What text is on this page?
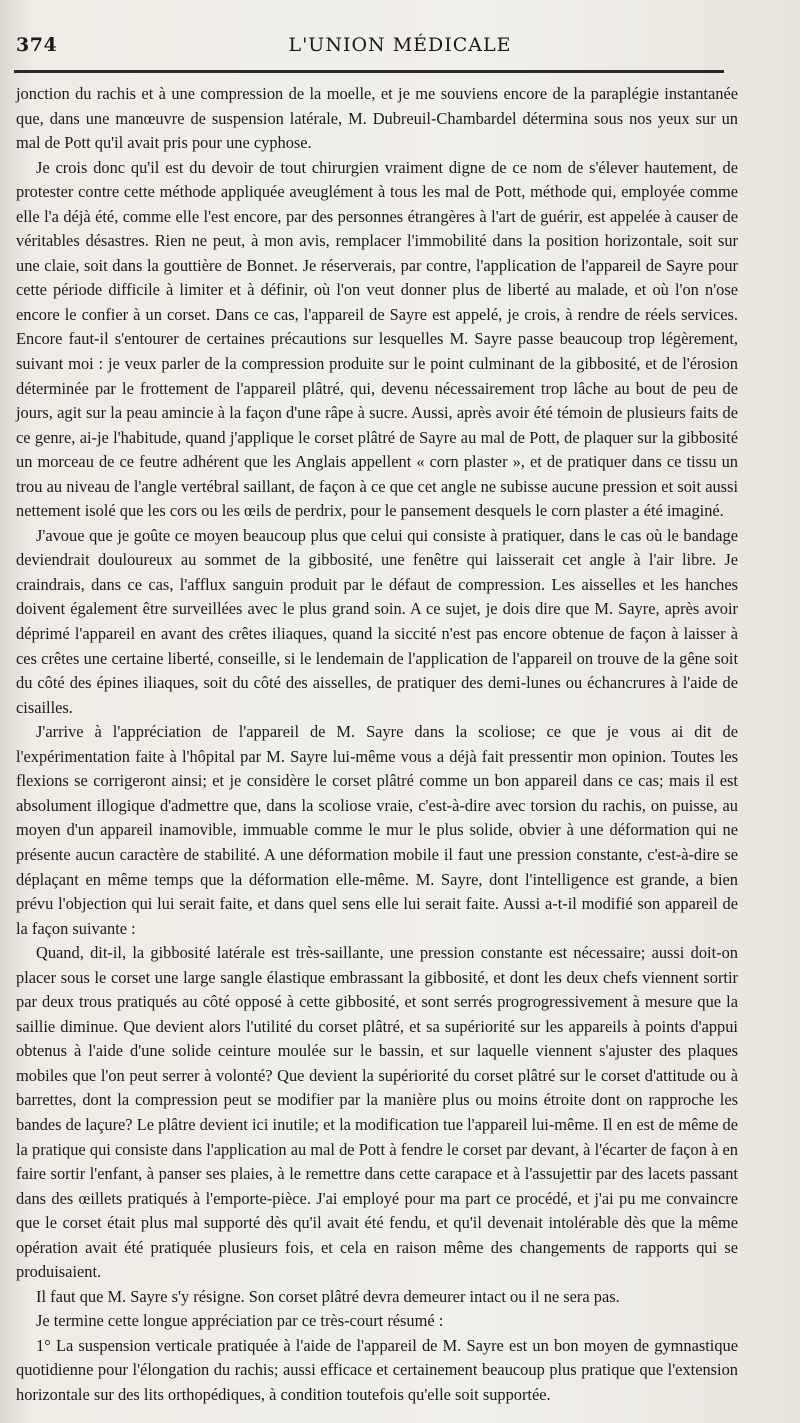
374	L'UNION MÉDICALE

jonction du rachis et à une compression de la moelle, et je me souviens encore de la paraplégie instantanée que, dans une manœuvre de suspension latérale, M. Dubreuil-Chambardel détermina sous nos yeux sur un mal de Pott qu'il avait pris pour une cyphose.

Je crois donc qu'il est du devoir de tout chirurgien vraiment digne de ce nom de s'élever hautement, de protester contre cette méthode appliquée aveuglément à tous les mal de Pott, méthode qui, employée comme elle l'a déjà été, comme elle l'est encore, par des personnes étrangères à l'art de guérir, est appelée à causer de véritables désastres. Rien ne peut, à mon avis, remplacer l'immobilité dans la position horizontale, soit sur une claie, soit dans la gouttière de Bonnet. Je réserverais, par contre, l'application de l'appareil de Sayre pour cette période difficile à limiter et à définir, où l'on veut donner plus de liberté au malade, et où l'on n'ose encore le confier à un corset. Dans ce cas, l'appareil de Sayre est appelé, je crois, à rendre de réels services. Encore faut-il s'entourer de certaines précautions sur lesquelles M. Sayre passe beaucoup trop légèrement, suivant moi : je veux parler de la compression produite sur le point culminant de la gibbosité, et de l'érosion déterminée par le frottement de l'appareil plâtré, qui, devenu nécessairement trop lâche au bout de peu de jours, agit sur la peau amincie à la façon d'une râpe à sucre. Aussi, après avoir été témoin de plusieurs faits de ce genre, ai-je l'habitude, quand j'applique le corset plâtré de Sayre au mal de Pott, de plaquer sur la gibbosité un morceau de ce feutre adhérent que les Anglais appellent « corn plaster », et de pratiquer dans ce tissu un trou au niveau de l'angle vertébral saillant, de façon à ce que cet angle ne subisse aucune pression et soit aussi nettement isolé que les cors ou les œils de perdrix, pour le pansement desquels le corn plaster a été imaginé.

J'avoue que je goûte ce moyen beaucoup plus que celui qui consiste à pratiquer, dans le cas où le bandage deviendrait douloureux au sommet de la gibbosité, une fenêtre qui laisserait cet angle à l'air libre. Je craindrais, dans ce cas, l'afflux sanguin produit par le défaut de compression. Les aisselles et les hanches doivent également être surveillées avec le plus grand soin. A ce sujet, je dois dire que M. Sayre, après avoir déprimé l'appareil en avant des crêtes iliaques, quand la siccité n'est pas encore obtenue de façon à laisser à ces crêtes une certaine liberté, conseille, si le lendemain de l'application de l'appareil on trouve de la gêne soit du côté des épines iliaques, soit du côté des aisselles, de pratiquer des demi-lunes ou échancrures à l'aide de cisailles.

J'arrive à l'appréciation de l'appareil de M. Sayre dans la scoliose; ce que je vous ai dit de l'expérimentation faite à l'hôpital par M. Sayre lui-même vous a déjà fait pressentir mon opinion. Toutes les flexions se corrigeront ainsi; et je considère le corset plâtré comme un bon appareil dans ce cas; mais il est absolument illogique d'admettre que, dans la scoliose vraie, c'est-à-dire avec torsion du rachis, on puisse, au moyen d'un appareil inamovible, immuable comme le mur le plus solide, obvier à une déformation qui ne présente aucun caractère de stabilité. A une déformation mobile il faut une pression constante, c'est-à-dire se déplaçant en même temps que la déformation elle-même. M. Sayre, dont l'intelligence est grande, a bien prévu l'objection qui lui serait faite, et dans quel sens elle lui serait faite. Aussi a-t-il modifié son appareil de la façon suivante :

Quand, dit-il, la gibbosité latérale est très-saillante, une pression constante est nécessaire; aussi doit-on placer sous le corset une large sangle élastique embrassant la gibbosité, et dont les deux chefs viennent sortir par deux trous pratiqués au côté opposé à cette gibbosité, et sont serrés progrogressivement à mesure que la saillie diminue. Que devient alors l'utilité du corset plâtré, et sa supériorité sur les appareils à points d'appui obtenus à l'aide d'une solide ceinture moulée sur le bassin, et sur laquelle viennent s'ajuster des plaques mobiles que l'on peut serrer à volonté? Que devient la supériorité du corset plâtré sur le corset d'attitude ou à barrettes, dont la compression peut se modifier par la manière plus ou moins étroite dont on rapproche les bandes de laçure? Le plâtre devient ici inutile; et la modification tue l'appareil lui-même. Il en est de même de la pratique qui consiste dans l'application au mal de Pott à fendre le corset par devant, à l'écarter de façon à en faire sortir l'enfant, à panser ses plaies, à le remettre dans cette carapace et à l'assujettir par des lacets passant dans des œillets pratiqués à l'emporte-pièce. J'ai employé pour ma part ce procédé, et j'ai pu me convaincre que le corset était plus mal supporté dès qu'il avait été fendu, et qu'il devenait intolérable dès que la même opération avait été pratiquée plusieurs fois, et cela en raison même des changements de rapports qui se produisaient.

Il faut que M. Sayre s'y résigne. Son corset plâtré devra demeurer intact ou il ne sera pas.

Je termine cette longue appréciation par ce très-court résumé :

1° La suspension verticale pratiquée à l'aide de l'appareil de M. Sayre est un bon moyen de gymnastique quotidienne pour l'élongation du rachis; aussi efficace et certainement beaucoup plus pratique que l'extension horizontale sur des lits orthopédiques, à condition toutefois qu'elle soit supportée.
